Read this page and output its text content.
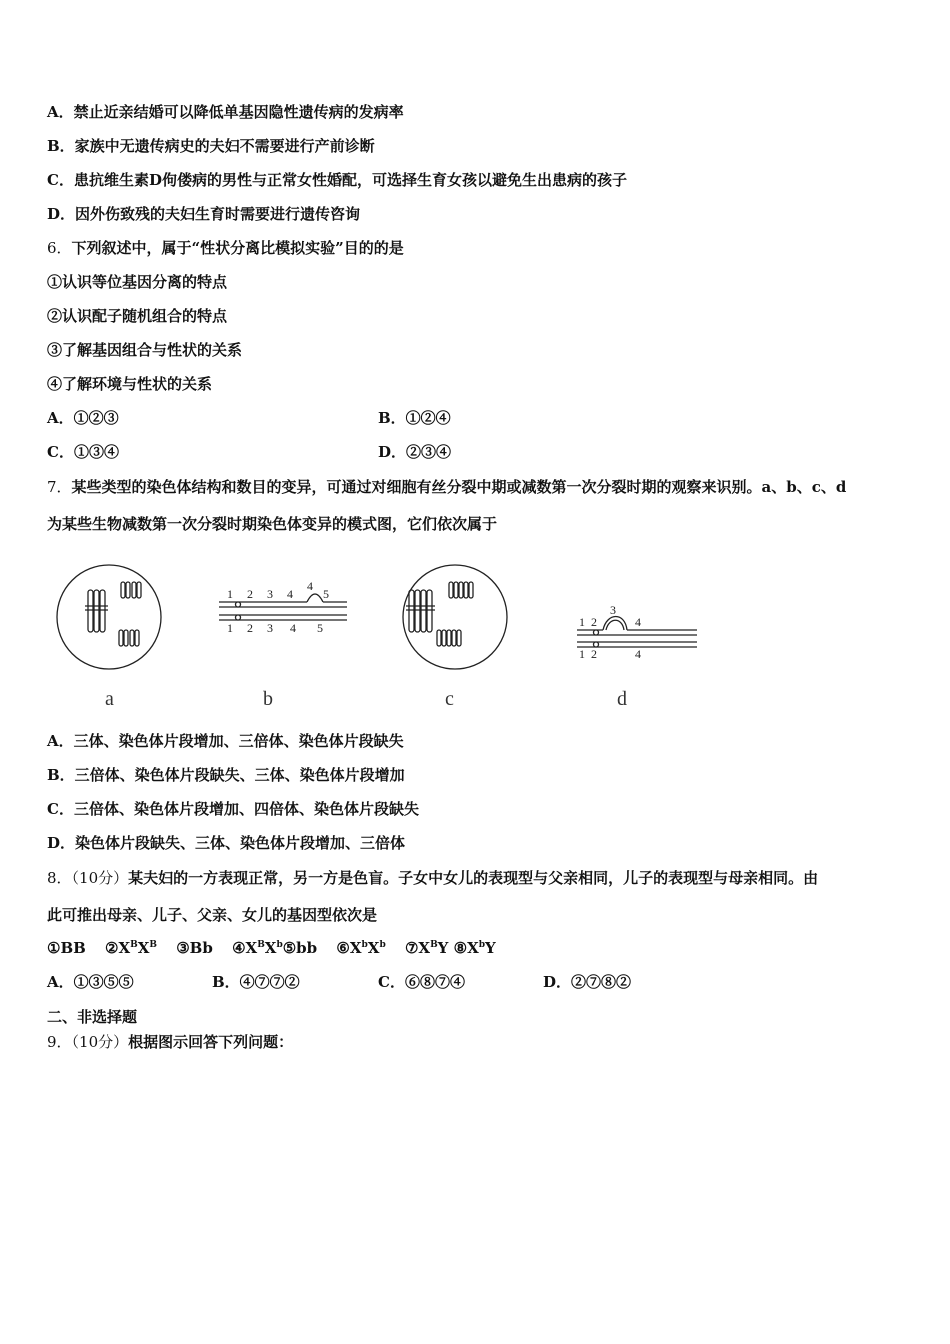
A．禁止近亲结婚可以降低单基因隐性遗传病的发病率
B．家族中无遗传病史的夫妇不需要进行产前诊断
C．患抗维生素D佝偻病的男性与正常女性婚配，可选择生育女孩以避免生出患病的孩子
D．因外伤致残的夫妇生育时需要进行遗传咨询
6．下列叙述中，属于“性状分离比模拟实验”目的的是
①认识等位基因分离的特点
②认识配子随机组合的特点
③了解基因组合与性状的关系
④了解环境与性状的关系
A．①②③	B．①②④
C．①③④	D．②③④
7．某些类型的染色体结构和数目的变异，可通过对细胞有丝分裂中期或减数第一次分裂时期的观察来识别。a、b、c、d
为某些生物减数第一次分裂时期染色体变异的模式图，它们依次属于
a
1 2 3 4
4
5
1 2 3 4 5
b	c
1 2
3
4
1 2	4
d
A．三体、染色体片段增加、三倍体、染色体片段缺失
B．三倍体、染色体片段缺失、三体、染色体片段增加
C．三倍体、染色体片段增加、四倍体、染色体片段缺失
D．染色体片段缺失、三体、染色体片段增加、三倍体
8．（10分）某夫妇的一方表现正常，另一方是色盲。子女中女儿的表现型与父亲相同，儿子的表现型与母亲相同。由
此可推出母亲、儿子、父亲、女儿的基因型依次是
①BB $②X^BX^B$ ③Bb $④X^BX^b⑤bb$ $⑥X^bX^b$ $⑦X^BY$ $⑧X^bY$
A．①③⑤⑤	B．④⑦⑦②	C．⑥⑧⑦④	D．②⑦⑧②
二、非选择题
9．（10分）根据图示回答下列问题：
